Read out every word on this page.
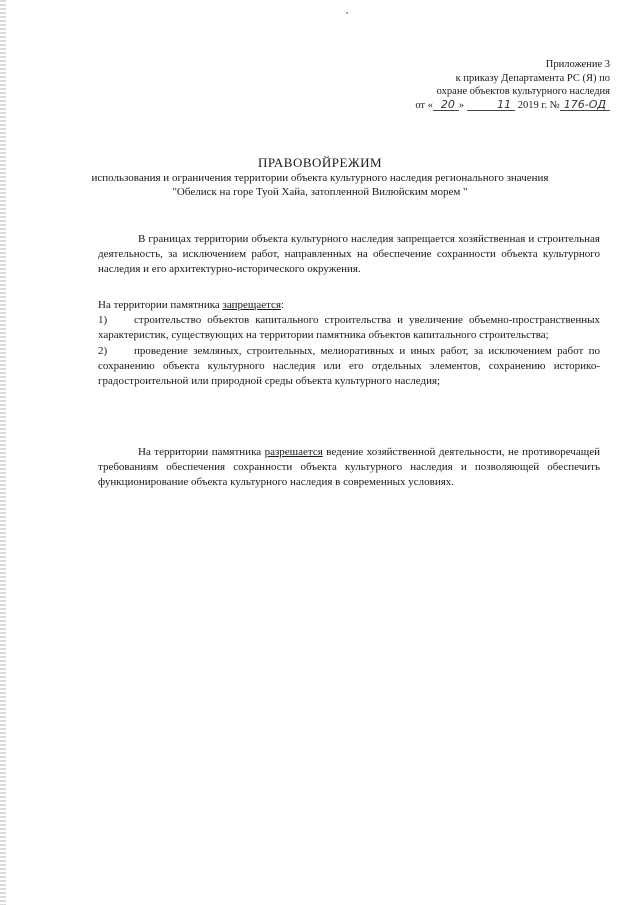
Приложение 3
к приказу Департамента РС (Я) по
охране объектов культурного наследия
от « 20 »	11 2019 г. № 176-ОД
ПРАВОВОЙРЕЖИМ
использования и ограничения территории объекта культурного наследия регионального значения
"Обелиск на горе Туой Хайа, затопленной Вилюйским морем "
В границах территории объекта культурного наследия запрещается хозяйственная и строительная деятельность, за исключением работ, направленных на обеспечение сохранности объекта культурного наследия и его архитектурно-исторического окружения.
На территории памятника запрещается:
1) строительство объектов капитального строительства и увеличение объемно-пространственных характеристик, существующих на территории памятника объектов капитального строительства;
2) проведение земляных, строительных, мелиоративных и иных работ, за исключением работ по сохранению объекта культурного наследия или его отдельных элементов, сохранению историко-градостроительной или природной среды объекта культурного наследия;
На территории памятника разрешается ведение хозяйственной деятельности, не противоречащей требованиям обеспечения сохранности объекта культурного наследия и позволяющей обеспечить функционирование объекта культурного наследия в современных условиях.
